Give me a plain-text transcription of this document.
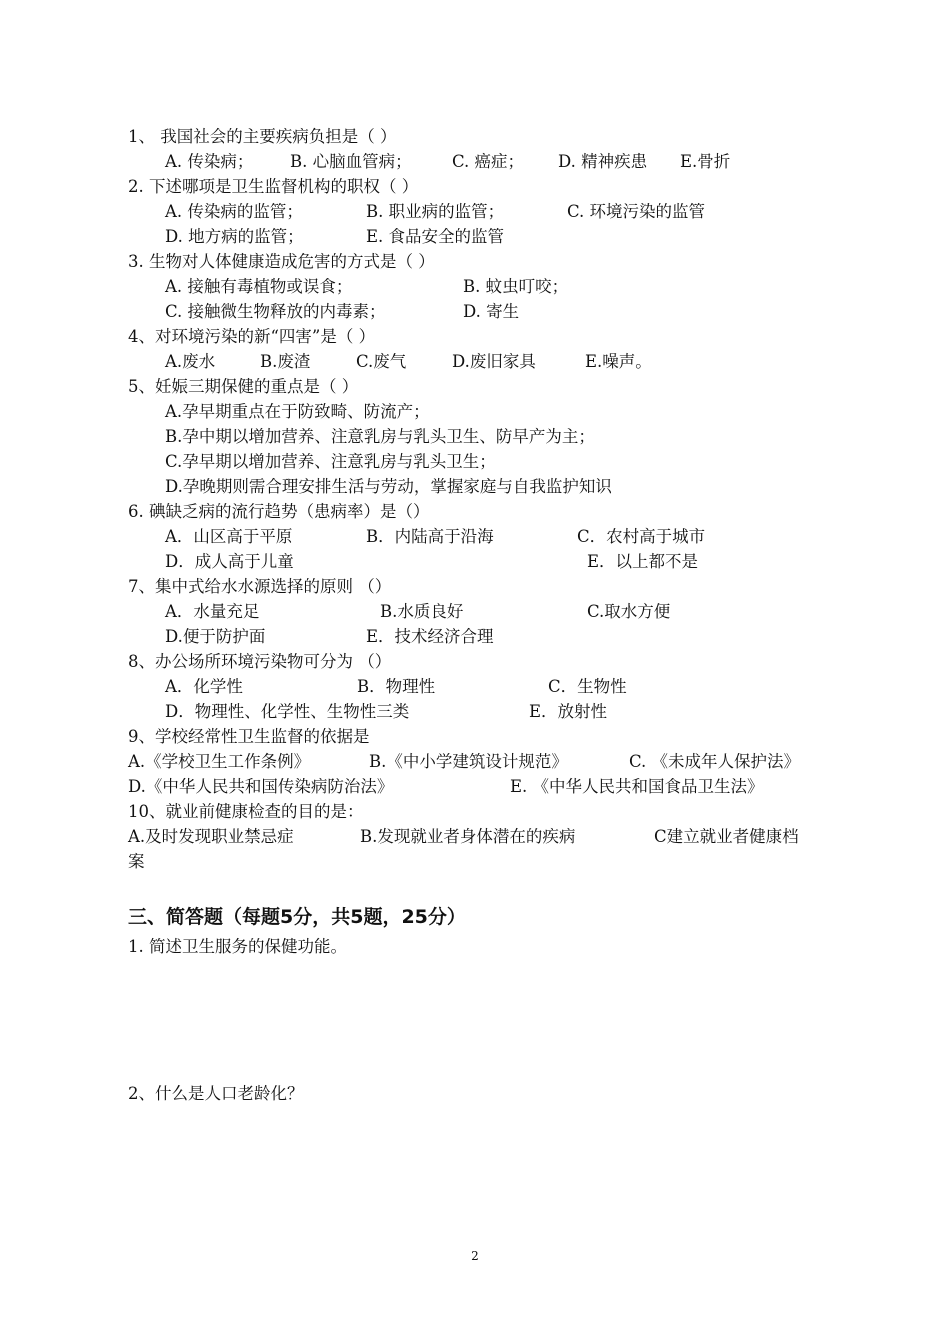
1、 我国社会的主要疾病负担是（ ）
A. 传染病； B. 心脑血管病； C. 癌症； D. 精神疾患 E.骨折
2. 下述哪项是卫生监督机构的职权（ ）
A. 传染病的监管；	B. 职业病的监管；	C. 环境污染的监管
D. 地方病的监管；	E. 食品安全的监管
3. 生物对人体健康造成危害的方式是（ ）
A. 接触有毒植物或误食；	B. 蚊虫叮咬；
C. 接触微生物释放的内毒素；	D. 寄生
4、对环境污染的新“四害”是（ ）
A.废水	B.废渣	C.废气	D.废旧家具	E.噪声。
5、妊娠三期保健的重点是（ ）
A.孕早期重点在于防致畸、防流产；
B.孕中期以增加营养、注意乳房与乳头卫生、防早产为主；
C.孕早期以增加营养、注意乳房与乳头卫生；
D.孕晚期则需合理安排生活与劳动，掌握家庭与自我监护知识
6. 碘缺乏病的流行趋势（患病率）是（）
A．山区高于平原	B．内陆高于沿海	C．农村高于城市
D．成人高于儿童	E．以上都不是
7、集中式给水水源选择的原则 （）
A．水量充足	B.水质良好	C.取水方便
D.便于防护面	E．技术经济合理
8、办公场所环境污染物可分为 （）
A．化学性	B．物理性	C．生物性
D．物理性、化学性、生物性三类	E．放射性
9、学校经常性卫生监督的依据是
A.《学校卫生工作条例》	B.《中小学建筑设计规范》	C. 《未成年人保护法》
D.《中华人民共和国传染病防治法》	E. 《中华人民共和国食品卫生法》
10、就业前健康检查的目的是：
A.及时发现职业禁忌症	B.发现就业者身体潜在的疾病	C建立就业者健康档
案
三、简答题（每题5分，共5题，25分）
1. 简述卫生服务的保健功能。
2、什么是人口老龄化？
2
